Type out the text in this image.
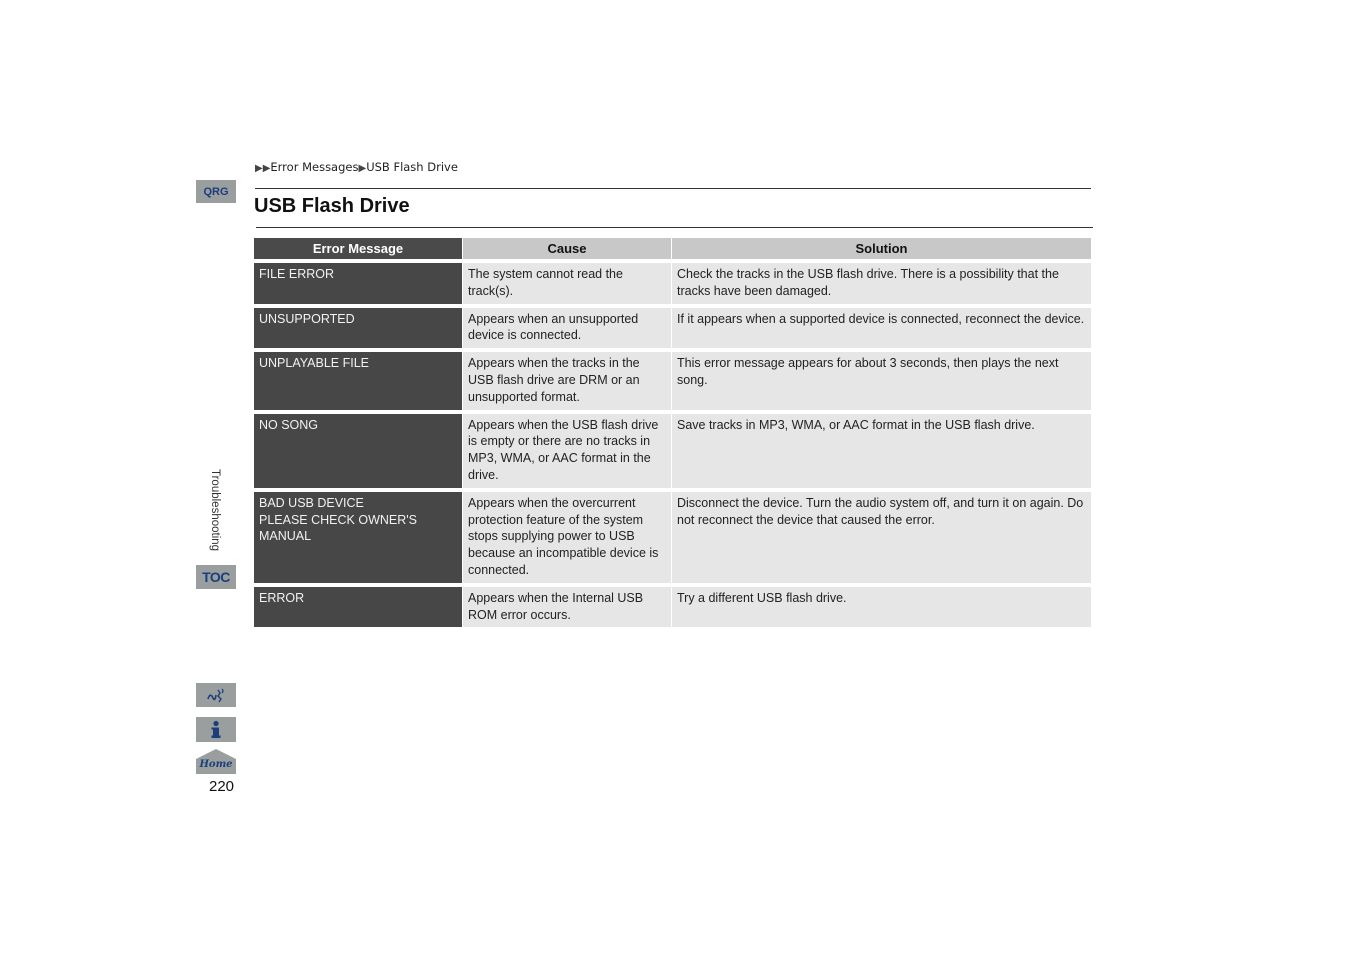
▶▶Error Messages▶USB Flash Drive
USB Flash Drive
Error Message	Cause	Solution

FILE ERROR	The system cannot read the track(s).	Check the tracks in the USB flash drive. There is a possibility that the tracks have been damaged.

UNSUPPORTED	Appears when an unsupported device is connected.	If it appears when a supported device is connected, reconnect the device.

UNPLAYABLE FILE	Appears when the tracks in the USB flash drive are DRM or an unsupported format.	This error message appears for about 3 seconds, then plays the next song.

NO SONG	Appears when the USB flash drive is empty or there are no tracks in MP3, WMA, or AAC format in the drive.	Save tracks in MP3, WMA, or AAC format in the USB flash drive.

BAD USB DEVICE
PLEASE CHECK OWNER'S
MANUAL	Appears when the overcurrent protection feature of the system stops supplying power to USB because an incompatible device is connected.	Disconnect the device. Turn the audio system off, and turn it on again. Do not reconnect the device that caused the error.

ERROR	Appears when the Internal USB ROM error occurs.	Try a different USB flash drive.
QRG
Troubleshooting
TOC
Home
220
